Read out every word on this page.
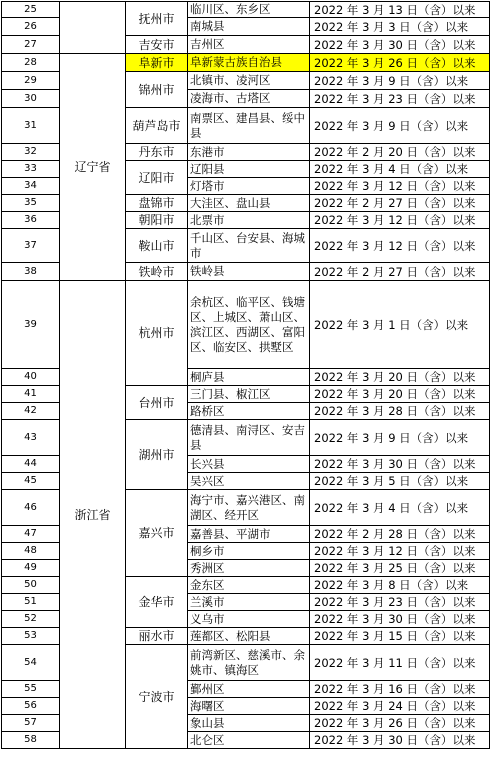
25		抚州市	临川区、东乡区	2022 年 3 月 13 日（含）以来
26			南城县	2022 年 3 月 3 日（含）以来
27		吉安市	吉州区	2022 年 3 月 30 日（含）以来
28	辽宁省	阜新市	阜新蒙古族自治县	2022 年 3 月 26 日（含）以来
29		锦州市	北镇市、凌河区	2022 年 3 月 9 日（含）以来
30			凌海市、古塔区	2022 年 3 月 23 日（含）以来
31		葫芦岛市	南票区、建昌县、绥中县	2022 年 3 月 9 日（含）以来
32		丹东市	东港市	2022 年 2 月 20 日（含）以来
33		辽阳市	辽阳县	2022 年 3 月 4 日（含）以来
34			灯塔市	2022 年 3 月 12 日（含）以来
35		盘锦市	大洼区、盘山县	2022 年 2 月 27 日（含）以来
36		朝阳市	北票市	2022 年 3 月 12 日（含）以来
37		鞍山市	千山区、台安县、海城市	2022 年 3 月 12 日（含）以来
38		铁岭市	铁岭县	2022 年 2 月 27 日（含）以来
39	浙江省	杭州市	余杭区、临平区、钱塘区、上城区、萧山区、滨江区、西湖区、富阳区、临安区、拱墅区	2022 年 3 月 1 日（含）以来
40			桐庐县	2022 年 3 月 20 日（含）以来
41		台州市	三门县、椒江区	2022 年 3 月 20 日（含）以来
42			路桥区	2022 年 3 月 28 日（含）以来
43		湖州市	德清县、南浔区、安吉县	2022 年 3 月 9 日（含）以来
44			长兴县	2022 年 3 月 30 日（含）以来
45			吴兴区	2022 年 3 月 5 日（含）以来
46		嘉兴市	海宁市、嘉兴港区、南湖区、经开区	2022 年 3 月 4 日（含）以来
47			嘉善县、平湖市	2022 年 2 月 28 日（含）以来
48			桐乡市	2022 年 3 月 12 日（含）以来
49			秀洲区	2022 年 3 月 25 日（含）以来
50		金华市	金东区	2022 年 3 月 8 日（含）以来
51			兰溪市	2022 年 3 月 23 日（含）以来
52			义乌市	2022 年 3 月 30 日（含）以来
53		丽水市	莲都区、松阳县	2022 年 3 月 15 日（含）以来
54		宁波市	前湾新区、慈溪市、余姚市、镇海区	2022 年 3 月 11 日（含）以来
55			鄞州区	2022 年 3 月 16 日（含）以来
56			海曙区	2022 年 3 月 24 日（含）以来
57			象山县	2022 年 3 月 26 日（含）以来
58			北仑区	2022 年 3 月 30 日（含）以来
